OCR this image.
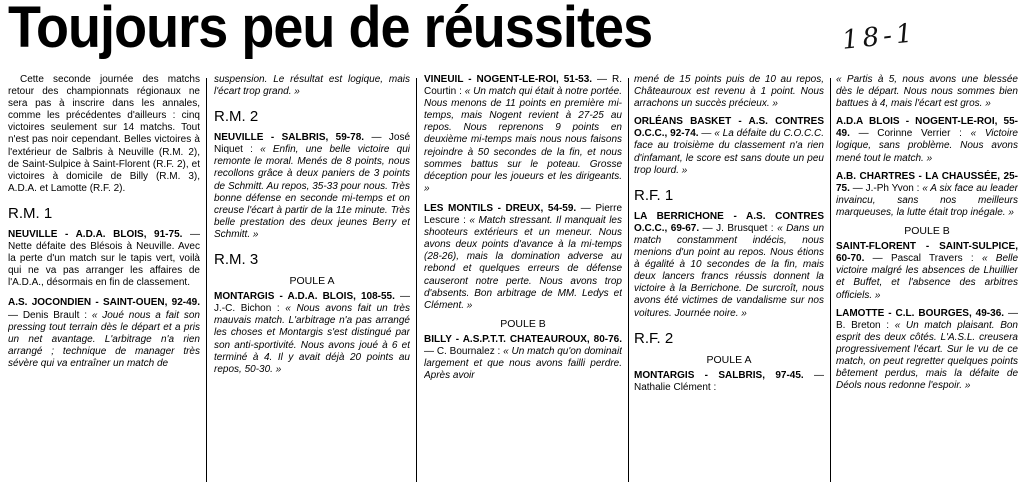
Toujours peu de réussites	18-1

Cette seconde journée des matchs retour des championnats régionaux ne sera pas à inscrire dans les annales, comme les précédentes d'ailleurs : cinq victoires seulement sur 14 matchs. Tout n'est pas noir cependant. Belles victoires à l'extérieur de Salbris à Neuville (R.M. 2), de Saint-Sulpice à Saint-Florent (R.F. 2), et victoires à domicile de Billy (R.M. 3), A.D.A. et Lamotte (R.F. 2).

R.M. 1

NEUVILLE - A.D.A. BLOIS, 91-75. — Nette défaite des Blésois à Neuville. Avec la perte d'un match sur le tapis vert, voilà qui ne va pas arranger les affaires de l'A.D.A., désormais en fin de classement.

A.S. JOCONDIEN - SAINT-OUEN, 92-49. — Denis Brault : « Joué nous a fait son pressing tout terrain dès le départ et a pris un net avantage. L'arbitrage n'a rien arrangé ; technique de manager très sévère qui va entraîner un match de

suspension. Le résultat est logique, mais l'écart trop grand. »

R.M. 2

NEUVILLE - SALBRIS, 59-78. — José Niquet : « Enfin, une belle victoire qui remonte le moral. Menés de 8 points, nous recollons grâce à deux paniers de 3 points de Schmitt. Au repos, 35-33 pour nous. Très bonne défense en seconde mi-temps et on creuse l'écart à partir de la 11e minute. Très belle prestation des deux jeunes Berry et Schmitt. »

R.M. 3
POULE A

MONTARGIS - A.D.A. BLOIS, 108-55. — J.-C. Bichon : « Nous avons fait un très mauvais match. L'arbitrage n'a pas arrangé les choses et Montargis s'est distingué par son anti-sportivité. Nous avons joué à 6 et terminé à 4. Il y avait déjà 20 points au repos, 50-30. »

VINEUIL - NOGENT-LE-ROI, 51-53. — R. Courtin : « Un match qui était à notre portée. Nous menons de 11 points en première mi-temps, mais Nogent revient à 27-25 au repos. Nous reprenons 9 points en deuxième mi-temps mais nous nous faisons rejoindre à 50 secondes de la fin, et nous sommes battus sur le poteau. Grosse déception pour les joueurs et les dirigeants. »

LES MONTILS - DREUX, 54-59. — Pierre Lescure : « Match stressant. Il manquait les shooteurs extérieurs et un meneur. Nous avons deux points d'avance à la mi-temps (28-26), mais la domination adverse au rebond et quelques erreurs de défense causeront notre perte. Nous avons trop d'absents. Bon arbitrage de MM. Ledys et Clément. »

POULE B

BILLY - A.S.P.T.T. CHATEAUROUX, 80-76. — C. Bournalez : « Un match qu'on dominait largement et que nous avons failli perdre. Après avoir

mené de 15 points puis de 10 au repos, Châteauroux est revenu à 1 point. Nous arrachons un succès précieux. »

ORLÉANS BASKET - A.S. CONTRES O.C.C., 92-74. — « La défaite du C.O.C.C. face au troisième du classement n'a rien d'infamant, le score est sans doute un peu trop lourd. »

R.F. 1

LA BERRICHONE - A.S. CONTRES O.C.C., 69-67. — J. Brusquet : « Dans un match constamment indécis, nous menions d'un point au repos. Nous étions à égalité à 10 secondes de la fin, mais deux lancers francs réussis donnent la victoire à la Berrichone. De surcroît, nous avons été victimes de vandalisme sur nos voitures. Journée noire. »

R.F. 2
POULE A

MONTARGIS - SALBRIS, 97-45. — Nathalie Clément :

« Partis à 5, nous avons une blessée dès le départ. Nous nous sommes bien battues à 4, mais l'écart est gros. »

A.D.A BLOIS - NOGENT-LE-ROI, 55-49. — Corinne Verrier : « Victoire logique, sans problème. Nous avons mené tout le match. »

A.B. CHARTRES - LA CHAUSSÉE, 25-75. — J.-Ph Yvon : « A six face au leader invaincu, sans nos meilleurs marqueuses, la lutte était trop inégale. »

POULE B

SAINT-FLORENT - SAINT-SULPICE, 60-70. — Pascal Travers : « Belle victoire malgré les absences de Lhuillier et Buffet, et l'absence des arbitres officiels. »

LAMOTTE - C.L. BOURGES, 49-36. — B. Breton : « Un match plaisant. Bon esprit des deux côtés. L'A.S.L. creusera progressivement l'écart. Sur le vu de ce match, on peut regretter quelques points bêtement perdus, mais la défaite de Déols nous redonne l'espoir. »
